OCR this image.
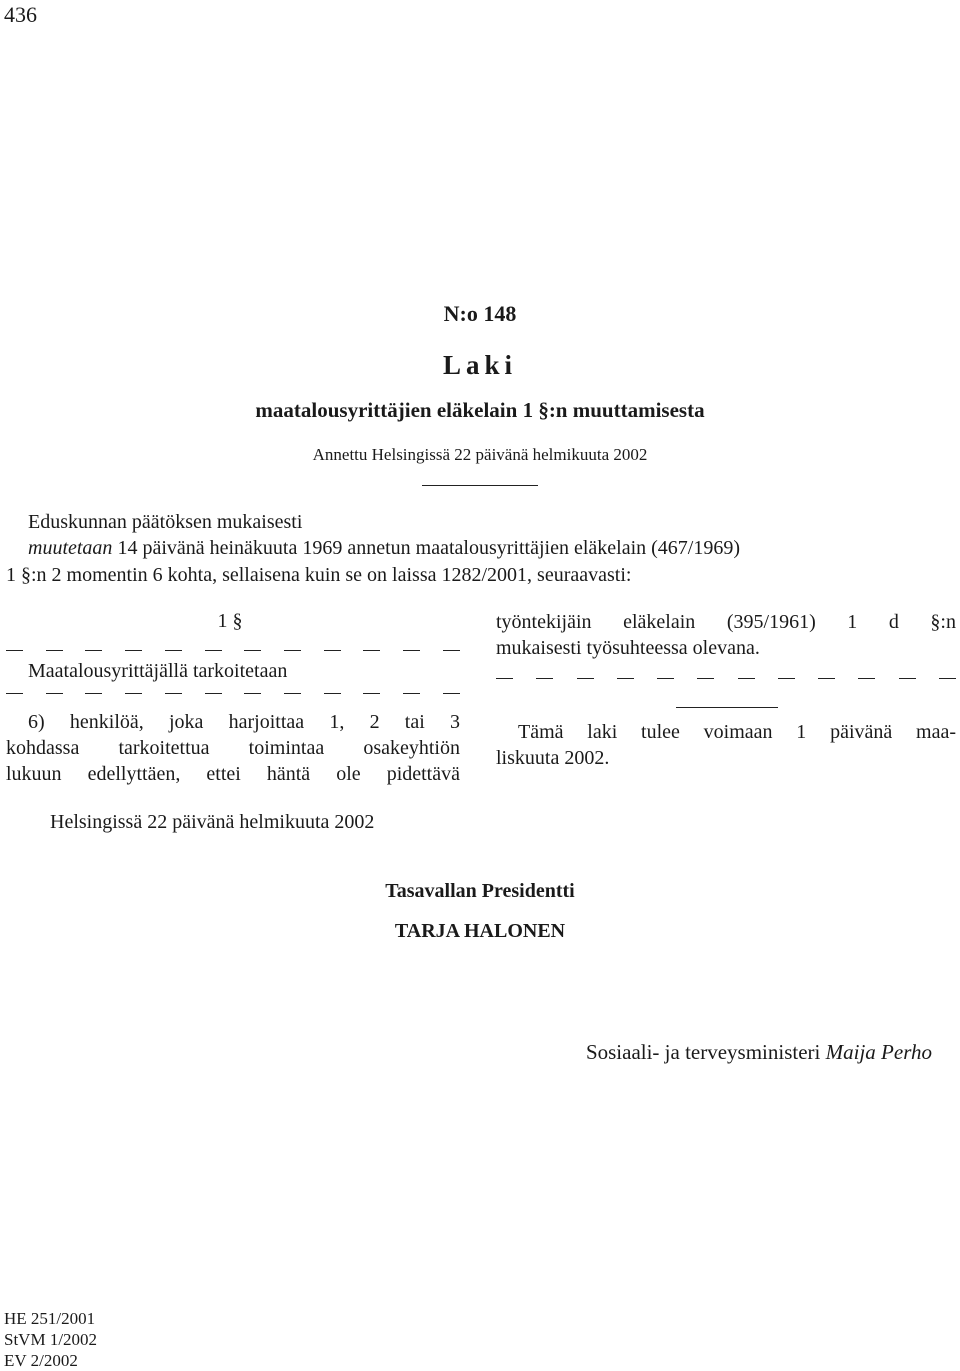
436
N:o 148
Laki
maatalousyrittäjien eläkelain 1 §:n muuttamisesta
Annettu Helsingissä 22 päivänä helmikuuta 2002
Eduskunnan päätöksen mukaisesti
muutetaan 14 päivänä heinäkuuta 1969 annetun maatalousyrittäjien eläkelain (467/1969)
1 §:n 2 momentin 6 kohta, sellaisena kuin se on laissa 1282/2001, seuraavasti:
1 §
Maatalousyrittäjällä tarkoitetaan
6) henkilöä, joka harjoittaa 1, 2 tai 3
kohdassa tarkoitettua toimintaa osakeyhtiön
lukuun edellyttäen, ettei häntä ole pidettävä
työntekijäin eläkelain (395/1961) 1 d §:n
mukaisesti työsuhteessa olevana.
Tämä laki tulee voimaan 1 päivänä maa-
liskuuta 2002.
Helsingissä 22 päivänä helmikuuta 2002
Tasavallan Presidentti
TARJA HALONEN
Sosiaali- ja terveysministeri Maija Perho
HE 251/2001
StVM 1/2002
EV 2/2002
